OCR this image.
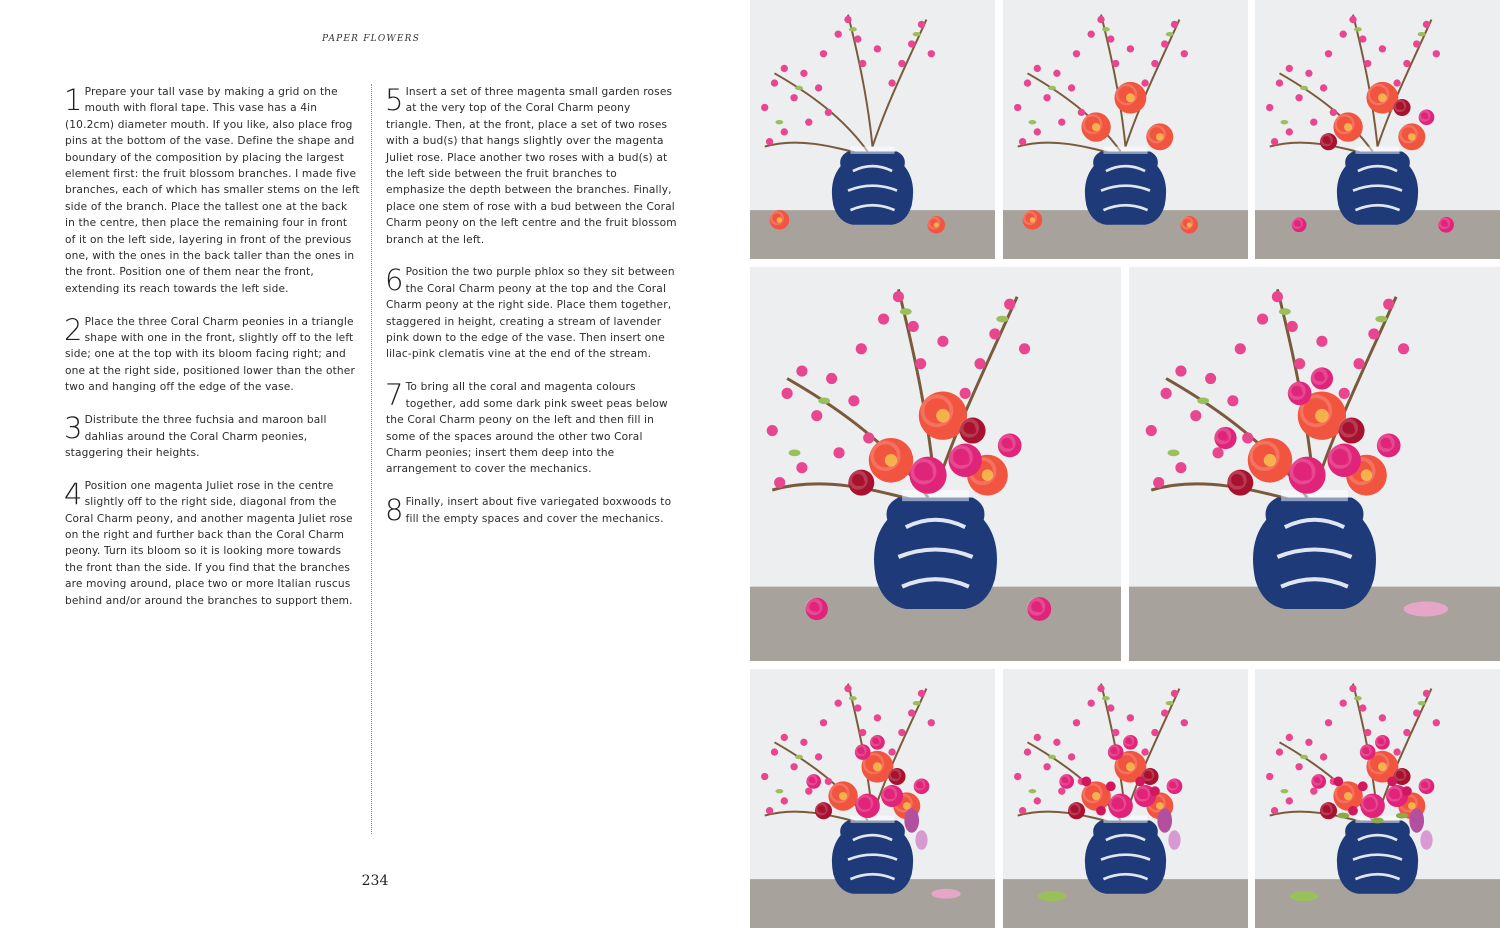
PAPER FLOWERS
1 Prepare your tall vase by making a grid on the mouth with floral tape. This vase has a 4in (10.2cm) diameter mouth. If you like, also place frog pins at the bottom of the vase. Define the shape and boundary of the composition by placing the largest element first: the fruit blossom branches. I made five branches, each of which has smaller stems on the left side of the branch. Place the tallest one at the back in the centre, then place the remaining four in front of it on the left side, layering in front of the previous one, with the ones in the back taller than the ones in the front. Position one of them near the front, extending its reach towards the left side.
2 Place the three Coral Charm peonies in a triangle shape with one in the front, slightly off to the left side; one at the top with its bloom facing right; and one at the right side, positioned lower than the other two and hanging off the edge of the vase.
3 Distribute the three fuchsia and maroon ball dahlias around the Coral Charm peonies, staggering their heights.
4 Position one magenta Juliet rose in the centre slightly off to the right side, diagonal from the Coral Charm peony, and another magenta Juliet rose on the right and further back than the Coral Charm peony. Turn its bloom so it is looking more towards the front than the side. If you find that the branches are moving around, place two or more Italian ruscus behind and/or around the branches to support them.
5 Insert a set of three magenta small garden roses at the very top of the Coral Charm peony triangle. Then, at the front, place a set of two roses with a bud(s) that hangs slightly over the magenta Juliet rose. Place another two roses with a bud(s) at the left side between the fruit branches to emphasize the depth between the branches. Finally, place one stem of rose with a bud between the Coral Charm peony on the left centre and the fruit blossom branch at the left.
6 Position the two purple phlox so they sit between the Coral Charm peony at the top and the Coral Charm peony at the right side. Place them together, staggered in height, creating a stream of lavender pink down to the edge of the vase. Then insert one lilac-pink clematis vine at the end of the stream.
7 To bring all the coral and magenta colours together, add some dark pink sweet peas below the Coral Charm peony on the left and then fill in some of the spaces around the other two Coral Charm peonies; insert them deep into the arrangement to cover the mechanics.
8 Finally, insert about five variegated boxwoods to fill the empty spaces and cover the mechanics.
234
